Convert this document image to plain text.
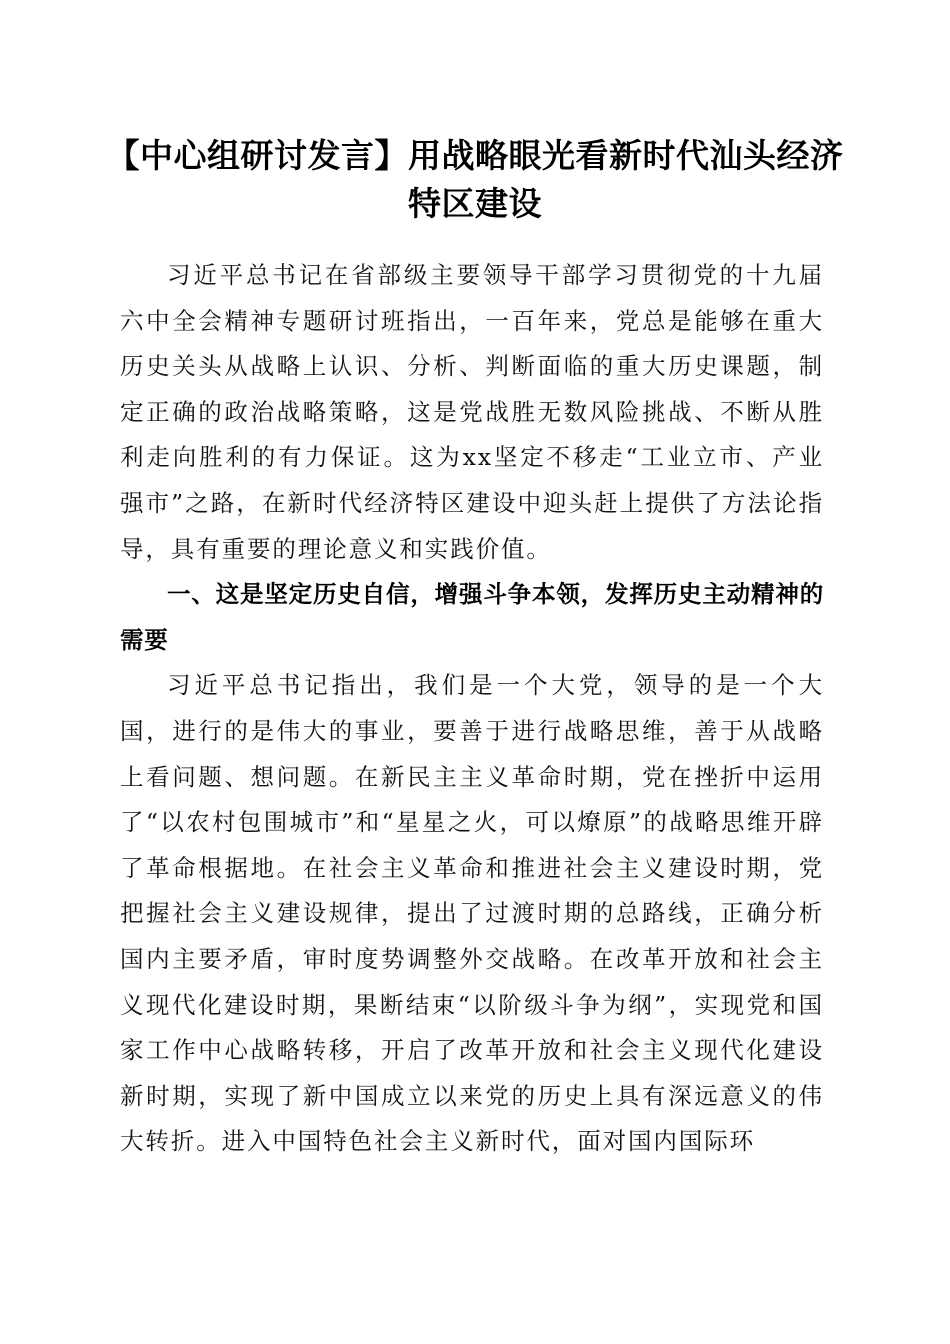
【中心组研讨发言】用战略眼光看新时代汕头经济特区建设

习近平总书记在省部级主要领导干部学习贯彻党的十九届六中全会精神专题研讨班指出，一百年来，党总是能够在重大历史关头从战略上认识、分析、判断面临的重大历史课题，制定正确的政治战略策略，这是党战胜无数风险挑战、不断从胜利走向胜利的有力保证。这为xx坚定不移走“工业立市、产业强市”之路，在新时代经济特区建设中迎头赶上提供了方法论指导，具有重要的理论意义和实践价值。

一、这是坚定历史自信，增强斗争本领，发挥历史主动精神的需要

习近平总书记指出，我们是一个大党，领导的是一个大国，进行的是伟大的事业，要善于进行战略思维，善于从战略上看问题、想问题。在新民主主义革命时期，党在挫折中运用了“以农村包围城市”和“星星之火，可以燎原”的战略思维开辟了革命根据地。在社会主义革命和推进社会主义建设时期，党把握社会主义建设规律，提出了过渡时期的总路线，正确分析国内主要矛盾，审时度势调整外交战略。在改革开放和社会主义现代化建设时期，果断结束“以阶级斗争为纲”，实现党和国家工作中心战略转移，开启了改革开放和社会主义现代化建设新时期，实现了新中国成立以来党的历史上具有深远意义的伟大转折。进入中国特色社会主义新时代，面对国内国际环
